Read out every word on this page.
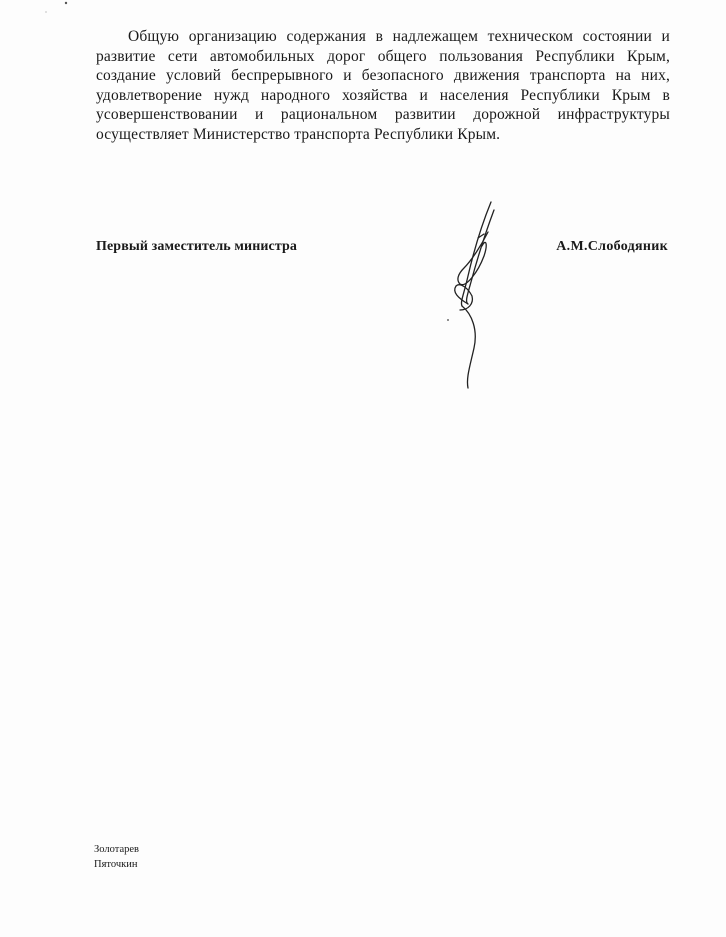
Общую организацию содержания в надлежащем техническом состоянии и развитие сети автомобильных дорог общего пользования Республики Крым, создание условий беспрерывного и безопасного движения транспорта на них, удовлетворение нужд народного хозяйства и населения Республики Крым в усовершенствовании и рациональном развитии дорожной инфраструктуры осуществляет Министерство транспорта Республики Крым.

Первый заместитель министра	А.М.Слободяник
Золотарев
Пяточкин
